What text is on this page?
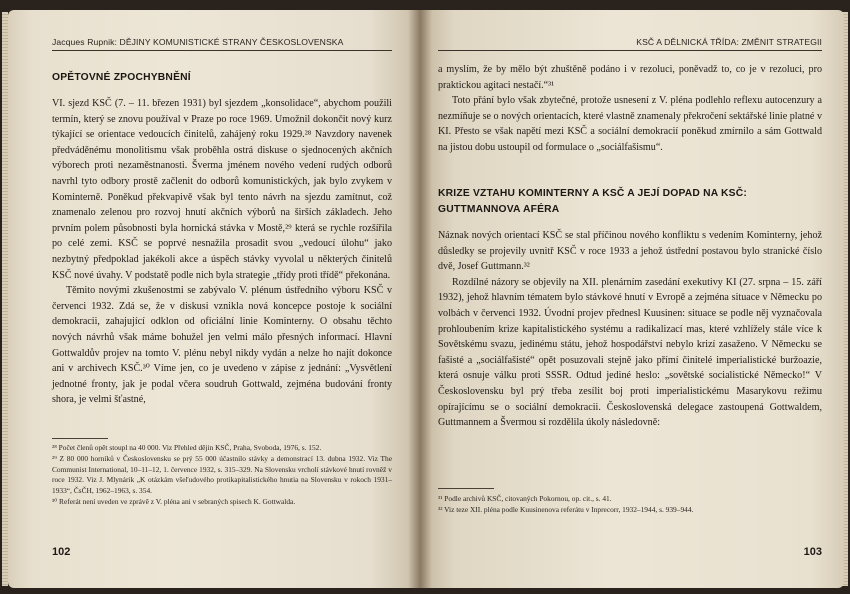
Jacques Rupnik: DĚJINY KOMUNISTICKÉ STRANY ČESKOSLOVENSKA
OPĚTOVNÉ ZPOCHYBNĚNÍ

VI. sjezd KSČ (7. – 11. březen 1931) byl sjezdem „konsolidace“, abychom použili termín, který se znovu používal v Praze po roce 1969. Umožnil dokončit nový kurz týkající se orientace vedoucích činitelů, zahájený roku 1929.²⁸ Navzdory navenek předváděnému monolitismu však proběhla ostrá diskuse o sjednocených akčních výborech proti nezaměstnanosti. Švermа jménem nového vedení rudých odborů navrhl tyto odbory prostě začlenit do odborů komunistických, jak bylo zvykem v Kominterně. Poněkud překvapivě však byl tento návrh na sjezdu zamítnut, což znamenalo zelenou pro rozvoj hnutí akčních výborů na širších základech. Jeho prvním polem působnosti byla hornická stávka v Mostě,²⁹ která se rychle rozšířila po celé zemi. KSČ se poprvé nesnažila prosadit svou „vedoucí úlohu“ jako nezbytný předpoklad jakékoli akce a úspěch stávky vyvolal u některých činitelů KSČ nové úvahy. V podstatě podle nich byla strategie „třídy proti třídě“ překonána.

Těmito novými zkušenostmi se zabývalo V. plénum ústředního výboru KSČ v červenci 1932. Zdá se, že v diskusi vznikla nová koncepce postoje k sociální demokracii, zahajující odklon od oficiální linie Kominterny. O obsahu těchto nových návrhů však máme bohužel jen velmi málo přesných informací. Hlavní Gottwaldův projev na tomto V. plénu nebyl nikdy vydán a nelze ho najít dokonce ani v archivech KSČ.³⁰ Víme jen, co je uvedeno v zápise z jednání: „Vysvětlení jednotné fronty, jak je podal včera soudruh Gottwald, zejména budování fronty shora, je velmi šťastné,

²⁸ Počet členů opět stoupl na 40 000. Viz Přehled dějin KSČ, Praha, Svoboda, 1976, s. 152.

²⁹ Z 80 000 horníků v Československu se prý 55 000 účastnilo stávky a demonstrací 13. dubna 1932. Viz The Communist International, 10–11–12, 1. července 1932, s. 315–329. Na Slovensku vrcholí stávkové hnutí rovněž v roce 1932. Viz J. Mlynárik „K otázkám všeľudového protikapitalistického hnutia na Slovensku v rokoch 1931–1933“, ČsČH, 1962–1963, s. 354.

³⁰ Referát není uveden ve zprávě z V. pléna ani v sebraných spisech K. Gottwalda.

102
KSČ A DĚLNICKÁ TŘÍDA: ZMĚNIT STRATEGII

a myslím, že by mělo být zhuštěně podáno i v rezoluci, poněvadž to, co je v rezoluci, pro praktickou agitaci nestačí.“³¹

Toto přání bylo však zbytečné, protože usnesení z V. pléna podlehlo reflexu autocenzury a nezmíňuje se o nových orientacích, které vlastně znamenaly překročení sektářské linie platné v KI. Přesto se však napětí mezi KSČ a sociální demokracií poněkud zmírnilo a sám Gottwald na jistou dobu ustoupil od formulace o „sociálfašismu“.

KRIZE VZTAHU KOMINTERNY A KSČ A JEJÍ DOPAD NA KSČ: GUTTMANNOVA AFÉRA

Náznak nových orientací KSČ se stal příčinou nového konfliktu s vedením Kominterny, jehož důsledky se projevily uvnitř KSČ v roce 1933 a jehož ústřední postavou bylo stranické číslo dvě, Josef Guttmann.³²

Rozdílné názory se objevily na XII. plenárním zasedání exekutivy KI (27. srpna – 15. září 1932), jehož hlavním tématem bylo stávkové hnutí v Evropě a zejména situace v Německu po volbách v červenci 1932. Úvodní projev přednesl Kuusinen: situace se podle něj vyznačovala prohloubením krize kapitalistického systému a radikalizací mas, které vzhlížely stále více k Sovětskému svazu, jedinému státu, jehož hospodářství nebylo krizí zasaženo. V Německu se fašisté a „sociálfašisté“ opět posuzovali stejně jako přímí činitelé imperialistické buržoazie, která osnuje válku proti SSSR. Odtud jediné heslo: „sovětské socialistické Německo!“ V Československu byl prý třeba zesílit boj proti imperialistickému Masarykovu režimu opírajícímu se o sociální demokracii. Československá delegace zastoupená Gottwaldem, Guttmannem a Švermou si rozdělila úkoly následovně:

³¹ Podle archivů KSČ, citovaných Pokornou, op. cit., s. 41.

³² Viz teze XII. pléna podle Kuusinenova referátu v Inprecorr, 1932–1944, s. 939–944.

103
